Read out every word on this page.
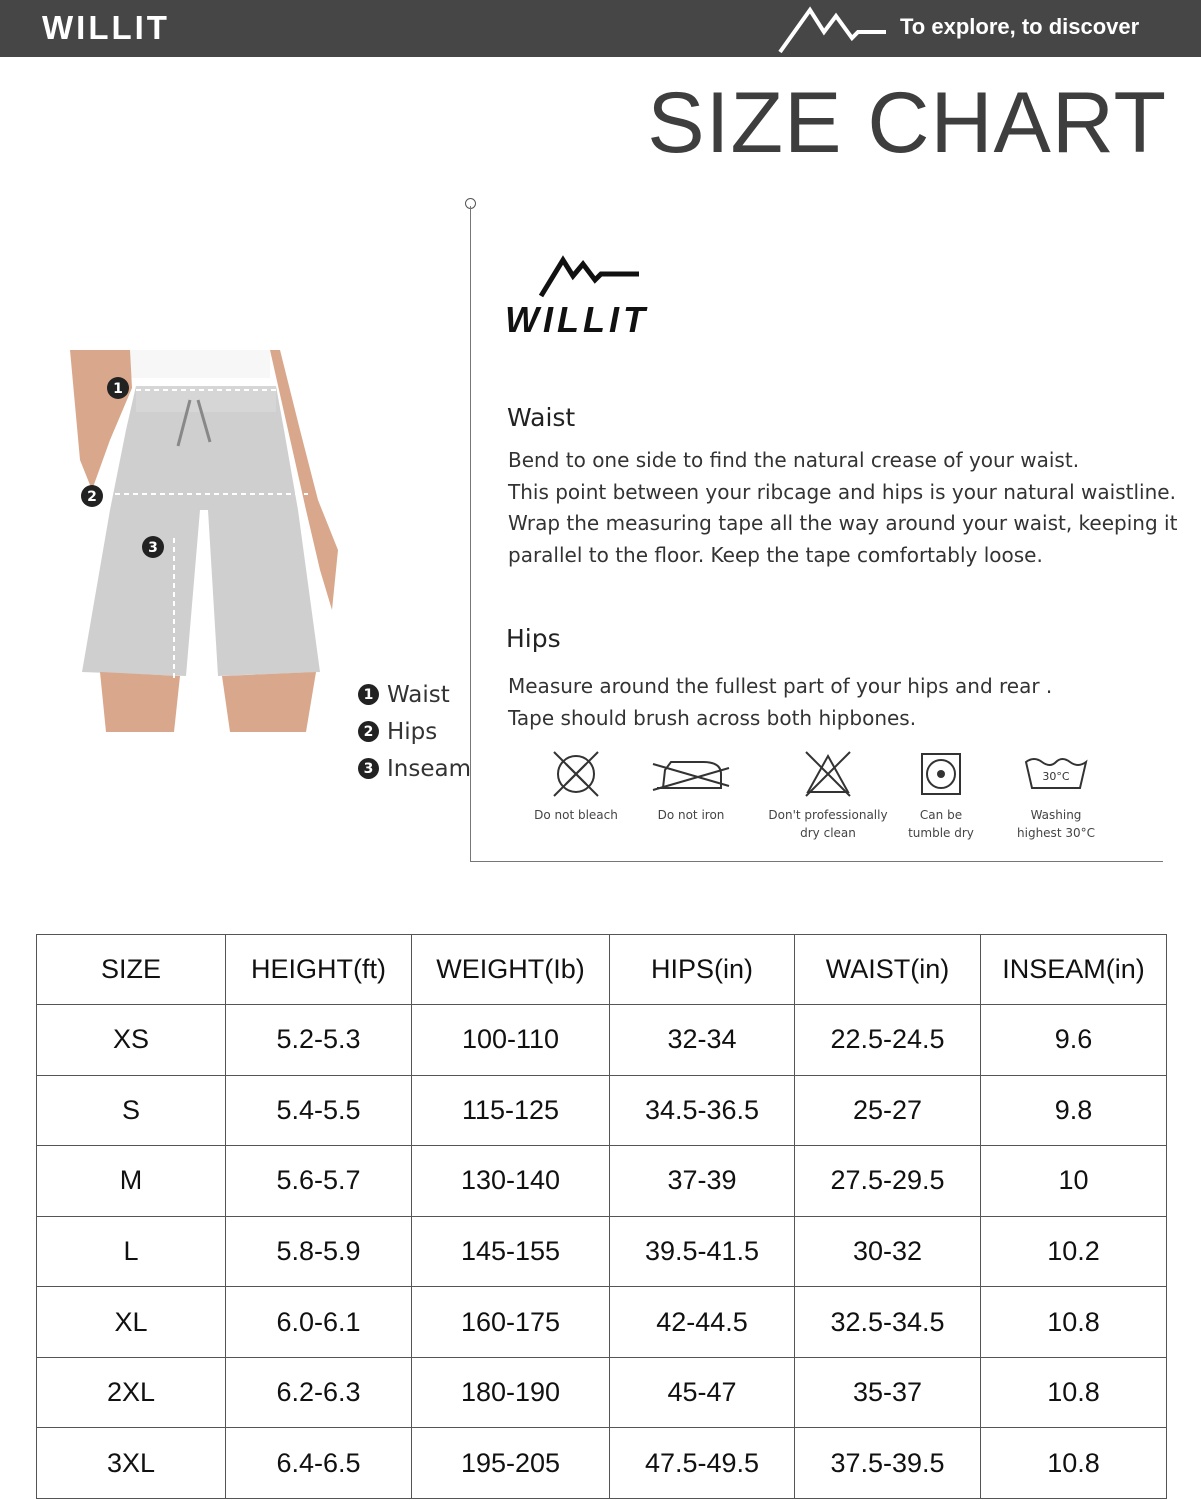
WILLIT	To explore, to discover
SIZE CHART
WILLIT
Waist
Bend to one side to find the natural crease of your waist.
This point between your ribcage and hips is your natural waistline.
Wrap the measuring tape all the way around your waist, keeping it
parallel to the floor. Keep the tape comfortably loose.
Hips
Measure around the fullest part of your hips and rear .
Tape should brush across both hipbones.
Do not bleach	Do not iron	Don't professionally
dry clean
Can be
tumble dry
30°C
Washing
highest 30°C
1
2
3
1 Waist
2 Hips
3 Inseam
SIZE	HEIGHT(ft)	WEIGHT(Ib)	HIPS(in)	WAIST(in)	INSEAM(in)
XS	5.2-5.3	100-110	32-34	22.5-24.5	9.6
S	5.4-5.5	115-125	34.5-36.5	25-27	9.8
M	5.6-5.7	130-140	37-39	27.5-29.5	10
L	5.8-5.9	145-155	39.5-41.5	30-32	10.2
XL	6.0-6.1	160-175	42-44.5	32.5-34.5	10.8
2XL	6.2-6.3	180-190	45-47	35-37	10.8
3XL	6.4-6.5	195-205	47.5-49.5	37.5-39.5	10.8
